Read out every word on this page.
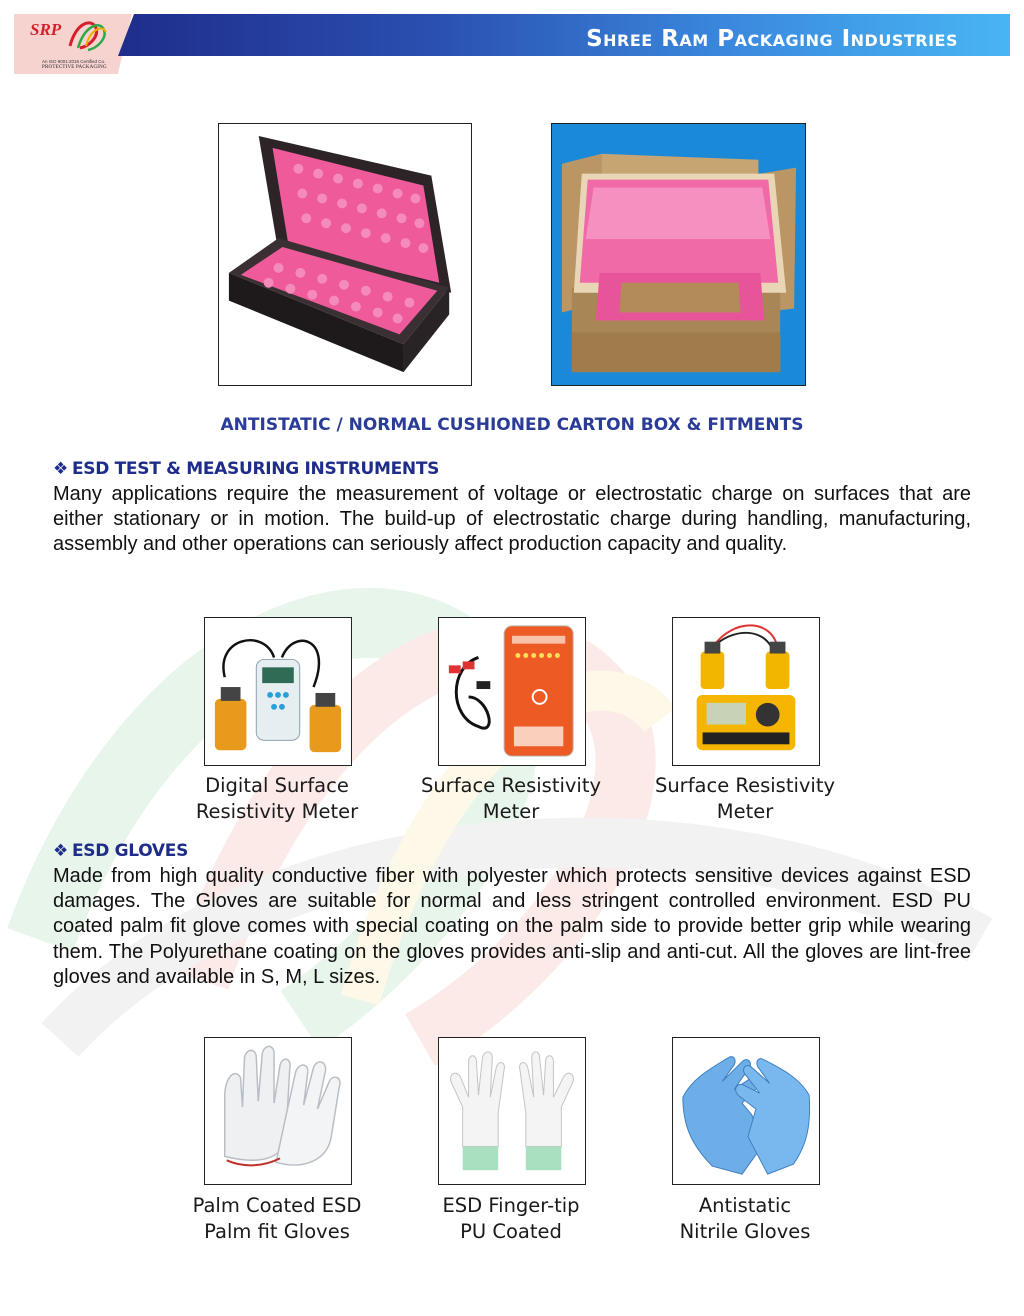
SRP
An ISO 9001:2015 Certified Co.
PROTECTIVE PACKAGING
Shree Ram Packaging Industries
ANTISTATIC / NORMAL CUSHIONED CARTON BOX & FITMENTS
❖ ESD TEST & MEASURING INSTRUMENTS
Many applications require the measurement of voltage or electrostatic charge on surfaces that are either stationary or in motion. The build-up of electrostatic charge during handling, manufacturing, assembly and other operations can seriously affect production capacity and quality.
Digital Surface
Resistivity Meter
Surface Resistivity
Meter
Surface Resistivity
Meter
❖ ESD GLOVES
Made from high quality conductive fiber with polyester which protects sensitive devices against ESD damages. The Gloves are suitable for normal and less stringent controlled environment. ESD PU coated palm fit glove comes with special coating on the palm side to provide better grip while wearing them. The Polyurethane coating on the gloves provides anti-slip and anti-cut. All the gloves are lint-free gloves and available in S, M, L sizes.
Palm Coated ESD
Palm fit Gloves
ESD Finger-tip
PU Coated
Antistatic
Nitrile Gloves
